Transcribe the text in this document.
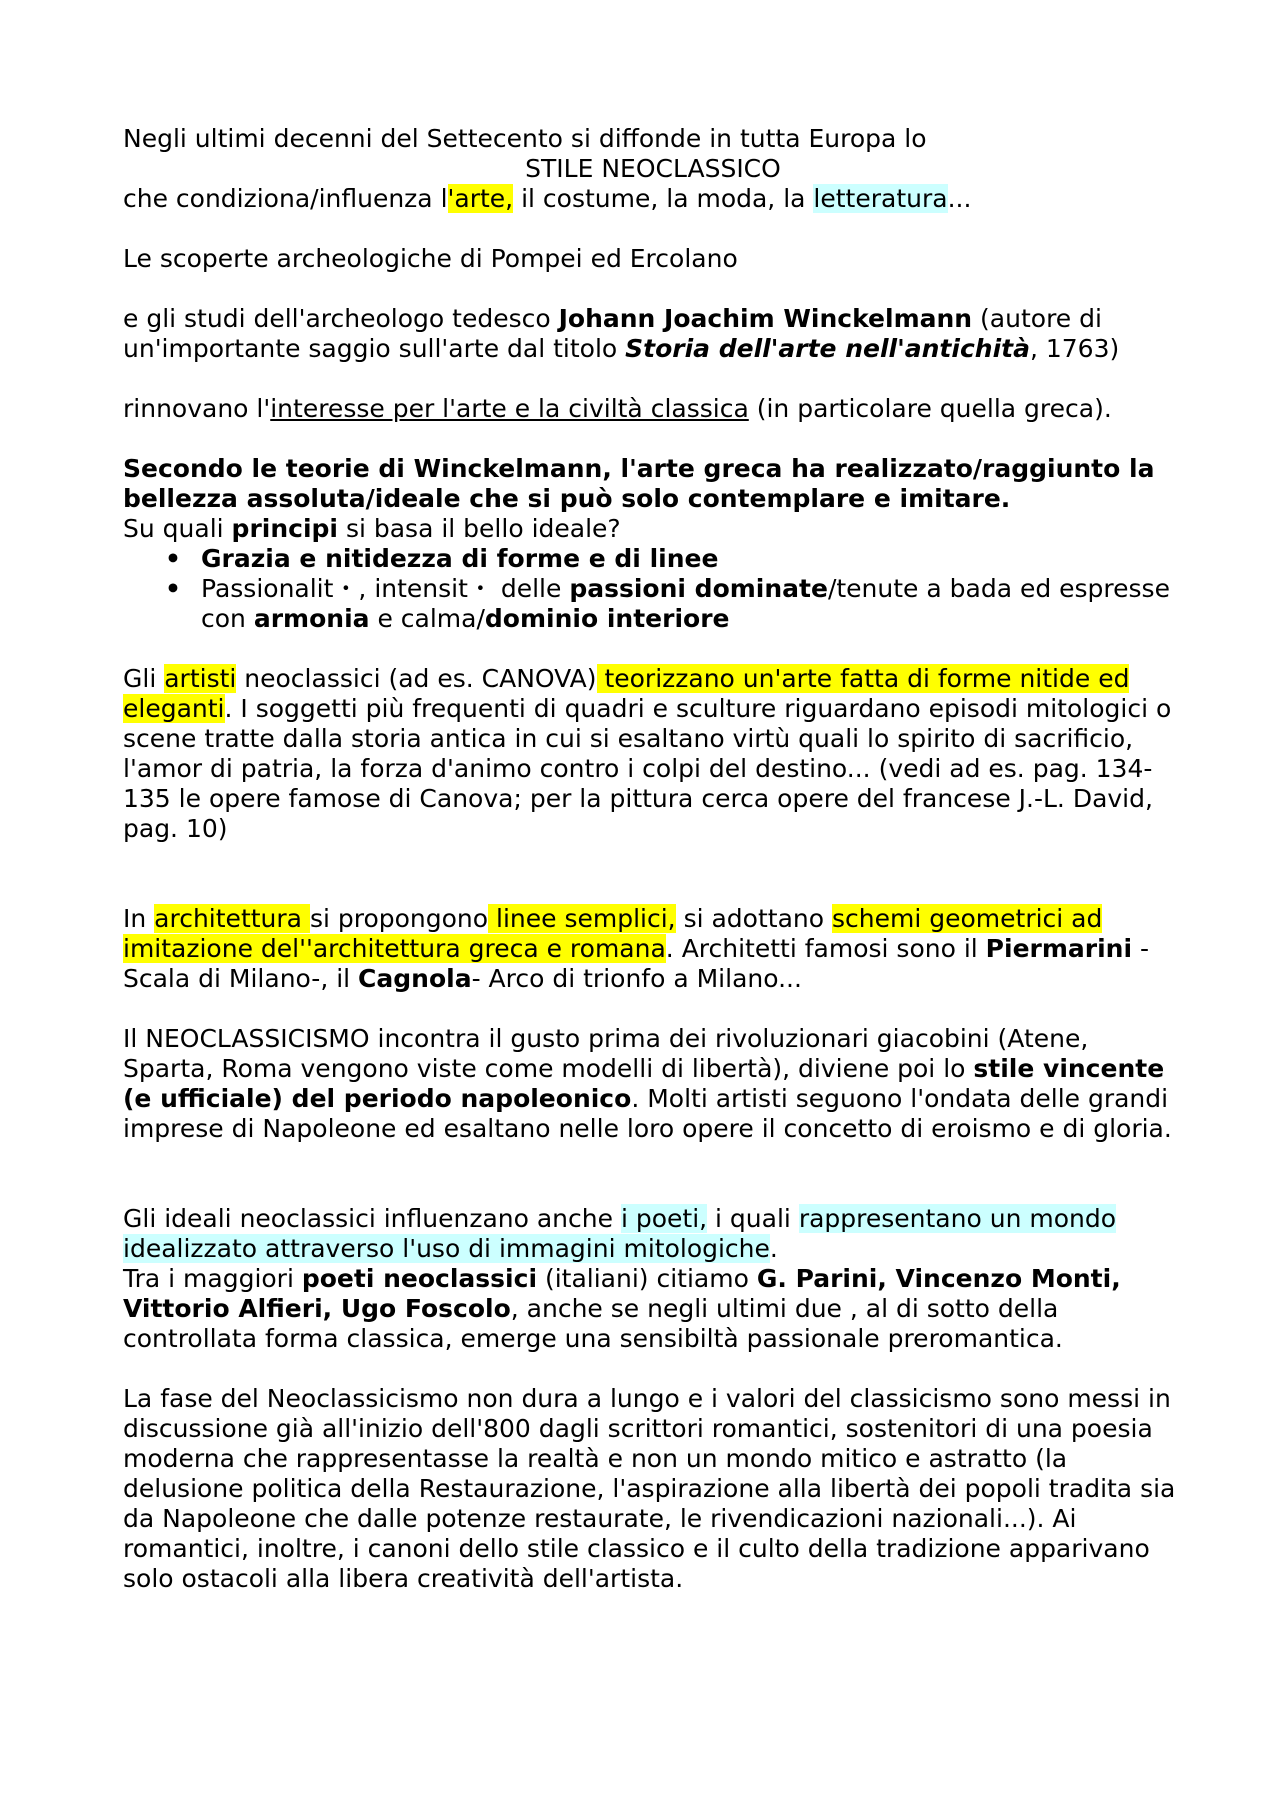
Negli ultimi decenni del Settecento si diffonde in tutta Europa lo

STILE NEOCLASSICO

che condiziona/influenza l'arte, il costume, la moda, la letteratura...

Le scoperte archeologiche di Pompei ed Ercolano

e gli studi dell'archeologo tedesco Johann Joachim Winckelmann (autore di un'importante saggio sull'arte dal titolo Storia dell'arte nell'antichità, 1763)

rinnovano l'interesse per l'arte e la civiltà classica (in particolare quella greca).

Secondo le teorie di Winckelmann, l'arte greca ha realizzato/raggiunto la bellezza assoluta/ideale che si può solo contemplare e imitare.
Su quali principi si basa il bello ideale?

• Grazia e nitidezza di forme e di linee
• Passionalit・, intensit・ delle passioni dominate/tenute a bada ed espresse con armonia e calma/dominio interiore

Gli artisti neoclassici (ad es. CANOVA) teorizzano un'arte fatta di forme nitide ed eleganti. I soggetti più frequenti di quadri e sculture riguardano episodi mitologici o scene tratte dalla storia antica in cui si esaltano virtù quali lo spirito di sacrificio, l'amor di patria, la forza d'animo contro i colpi del destino... (vedi ad es. pag. 134-135 le opere famose di Canova; per la pittura cerca opere del francese J.-L. David, pag. 10)

In architettura si propongono linee semplici, si adottano schemi geometrici ad imitazione del''architettura greca e romana. Architetti famosi sono il Piermarini -Scala di Milano-, il Cagnola- Arco di trionfo a Milano...

Il NEOCLASSICISMO incontra il gusto prima dei rivoluzionari giacobini (Atene, Sparta, Roma vengono viste come modelli di libertà), diviene poi lo stile vincente (e ufficiale) del periodo napoleonico. Molti artisti seguono l'ondata delle grandi imprese di Napoleone ed esaltano nelle loro opere il concetto di eroismo e di gloria.

Gli ideali neoclassici influenzano anche i poeti, i quali rappresentano un mondo idealizzato attraverso l'uso di immagini mitologiche.
Tra i maggiori poeti neoclassici (italiani) citiamo G. Parini, Vincenzo Monti, Vittorio Alfieri, Ugo Foscolo, anche se negli ultimi due , al di sotto della controllata forma classica, emerge una sensibiltà passionale preromantica.

La fase del Neoclassicismo non dura a lungo e i valori del classicismo sono messi in discussione già all'inizio dell'800 dagli scrittori romantici, sostenitori di una poesia moderna che rappresentasse la realtà e non un mondo mitico e astratto (la delusione politica della Restaurazione, l'aspirazione alla libertà dei popoli tradita sia da Napoleone che dalle potenze restaurate, le rivendicazioni nazionali...). Ai romantici, inoltre, i canoni dello stile classico e il culto della tradizione apparivano solo ostacoli alla libera creatività dell'artista.
